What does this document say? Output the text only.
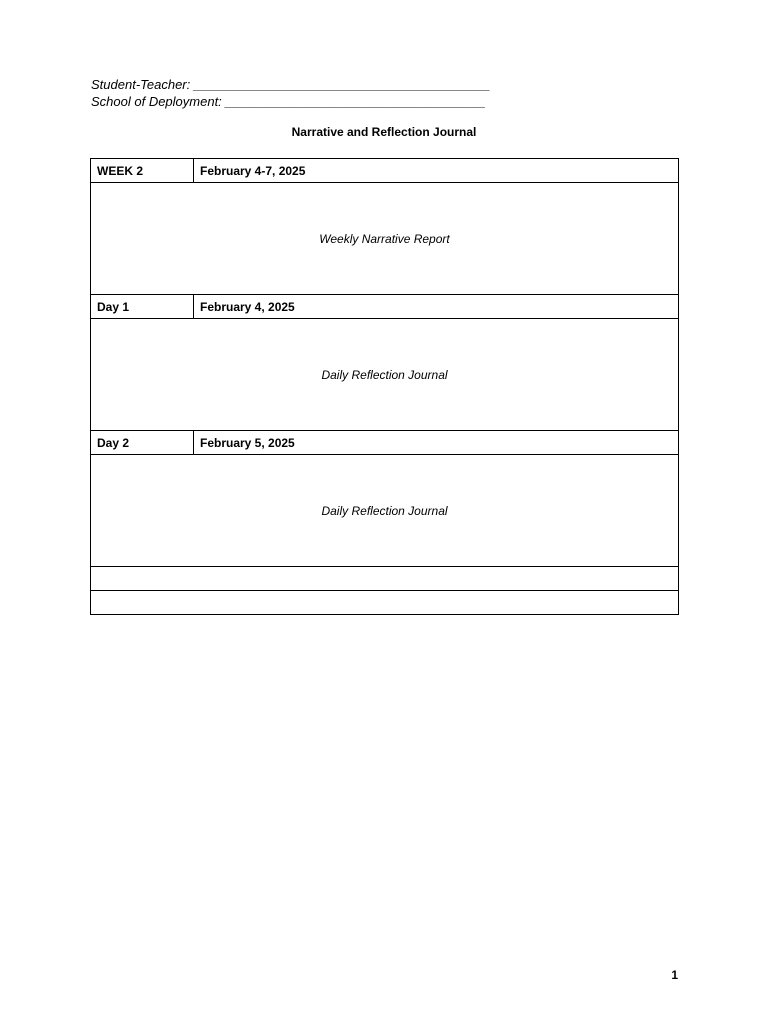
Student-Teacher: _________________________________________
School of Deployment: ____________________________________
Narrative and Reflection Journal
WEEK 2	February 4-7, 2025
Weekly Narrative Report	
Day 1	February 4, 2025
Daily Reflection Journal	
Day 2	February 5, 2025
Daily Reflection Journal	

1
